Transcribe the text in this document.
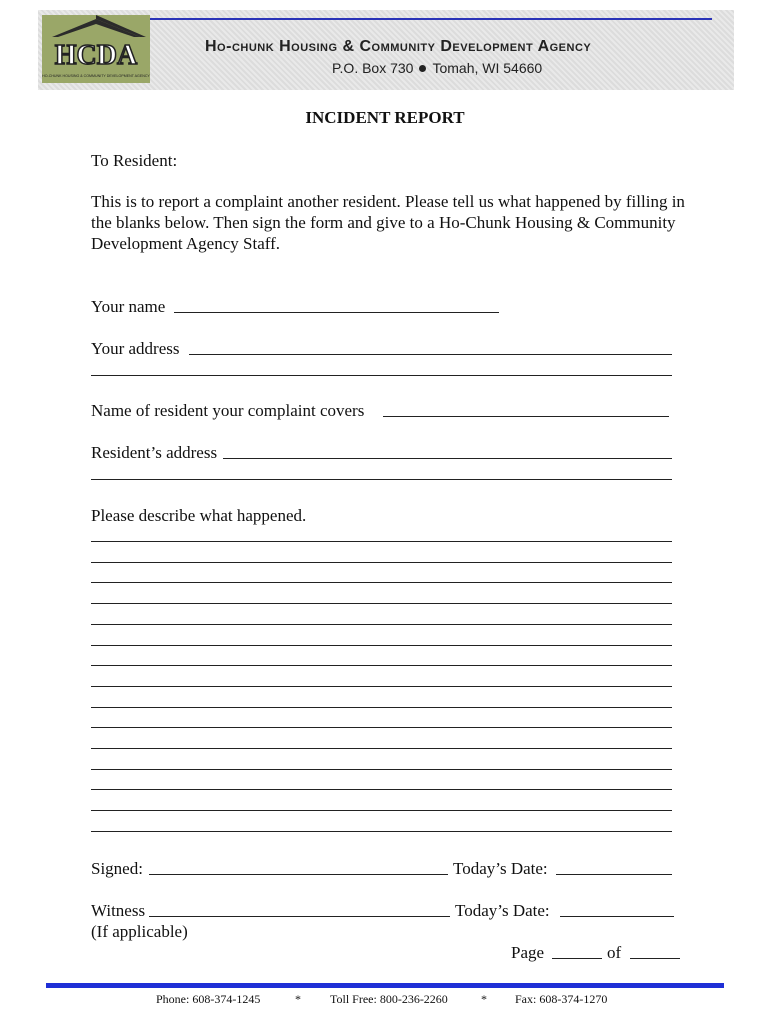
HCDA
HO-CHUNK HOUSING & COMMUNITY DEVELOPMENT AGENCY
Ho-chunk Housing & Community Development Agency
P.O. Box 730 Tomah, WI 54660
INCIDENT REPORT
To Resident:
This is to report a complaint another resident. Please tell us what happened by filling in the blanks below. Then sign the form and give to a Ho-Chunk Housing & Community Development Agency Staff.
Your name
Your address
Name of resident your complaint covers
Resident’s address
Please describe what happened.
Signed:	Today’s Date:
Witness	Today’s Date:
(If applicable)
Page	of
Phone: 608-374-1245	* Toll Free: 800-236-2260	* Fax: 608-374-1270
